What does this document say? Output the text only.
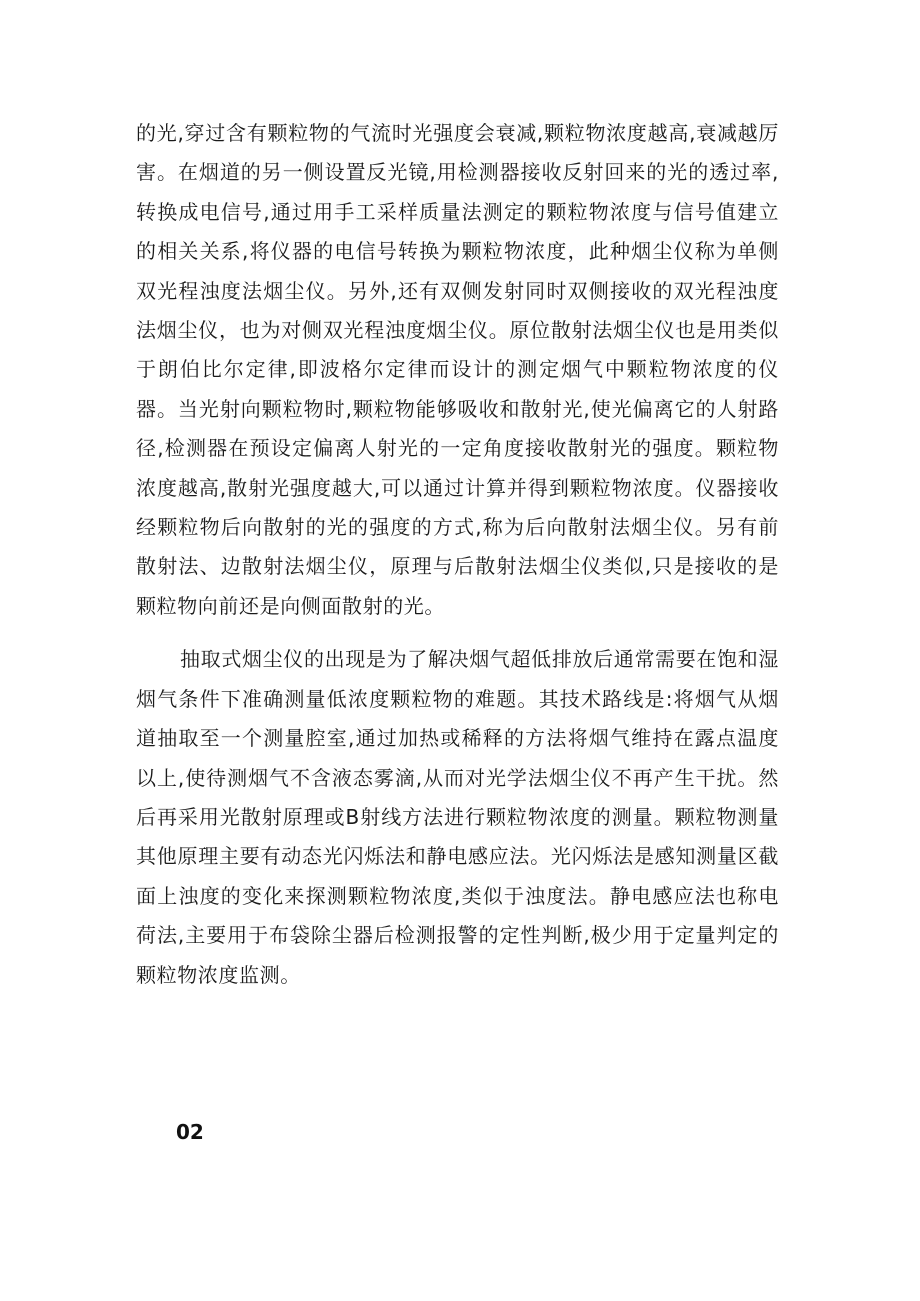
的光,穿过含有颗粒物的气流时光强度会衰减,颗粒物浓度越高,衰减越厉害。在烟道的另一侧设置反光镜,用检测器接收反射回来的光的透过率,转换成电信号,通过用手工采样质量法测定的颗粒物浓度与信号值建立的相关关系,将仪器的电信号转换为颗粒物浓度，此种烟尘仪称为单侧双光程浊度法烟尘仪。另外,还有双侧发射同时双侧接收的双光程浊度法烟尘仪，也为对侧双光程浊度烟尘仪。原位散射法烟尘仪也是用类似于朗伯比尔定律,即波格尔定律而设计的测定烟气中颗粒物浓度的仪器。当光射向颗粒物时,颗粒物能够吸收和散射光,使光偏离它的人射路径,检测器在预设定偏离人射光的一定角度接收散射光的强度。颗粒物浓度越高,散射光强度越大,可以通过计算并得到颗粒物浓度。仪器接收经颗粒物后向散射的光的强度的方式,称为后向散射法烟尘仪。另有前散射法、边散射法烟尘仪，原理与后散射法烟尘仪类似,只是接收的是颗粒物向前还是向侧面散射的光。

抽取式烟尘仪的出现是为了解决烟气超低排放后通常需要在饱和湿烟气条件下准确测量低浓度颗粒物的难题。其技术路线是:将烟气从烟道抽取至一个测量腔室,通过加热或稀释的方法将烟气维持在露点温度以上,使待测烟气不含液态雾滴,从而对光学法烟尘仪不再产生干扰。然后再采用光散射原理或B射线方法进行颗粒物浓度的测量。颗粒物测量其他原理主要有动态光闪烁法和静电感应法。光闪烁法是感知测量区截面上浊度的变化来探测颗粒物浓度,类似于浊度法。静电感应法也称电荷法,主要用于布袋除尘器后检测报警的定性判断,极少用于定量判定的颗粒物浓度监测。

02
